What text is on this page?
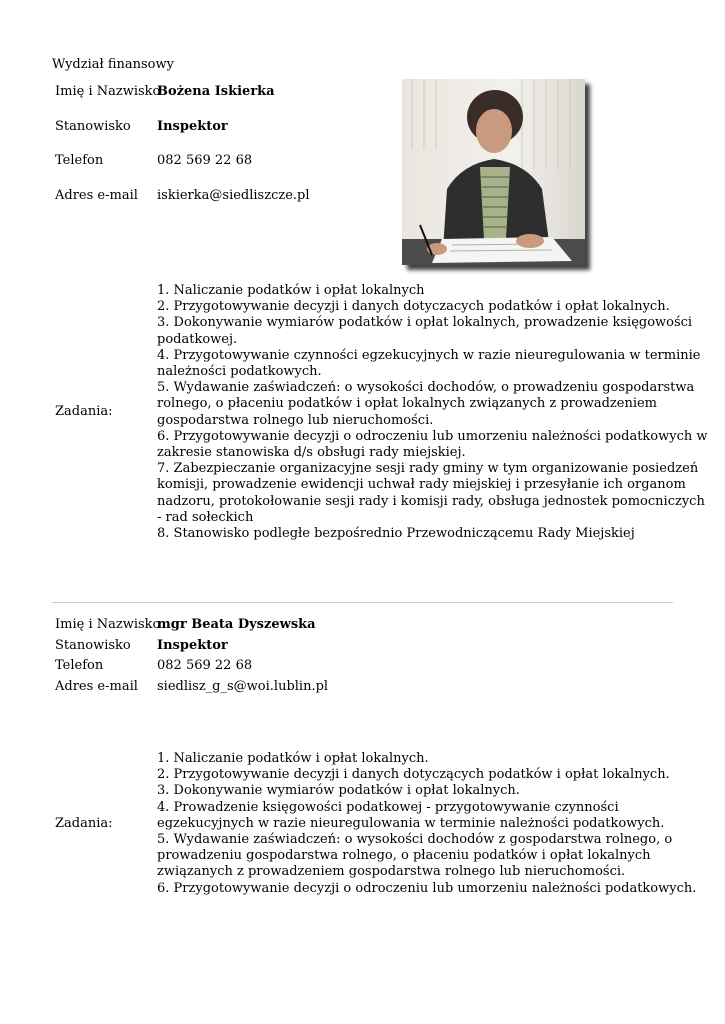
Wydział finansowy
Imię i Nazwisko
Bożena Iskierka
Stanowisko Inspektor
Telefon	082 569 22 68
Adres e-mail iskierka@siedliszcze.pl
Zadania:
1. Naliczanie podatków i opłat lokalnych
2. Przygotowywanie decyzji i danych dotyczacych podatków i opłat lokalnych.
3. Dokonywanie wymiarów podatków i opłat lokalnych, prowadzenie księgowości
podatkowej.
4. Przygotowywanie czynności egzekucyjnych w razie nieuregulowania w terminie
należności podatkowych.
5. Wydawanie zaświadczeń: o wysokości dochodów, o prowadzeniu gospodarstwa
rolnego, o płaceniu podatków i opłat lokalnych związanych z prowadzeniem
gospodarstwa rolnego lub nieruchomości.
6. Przygotowywanie decyzji o odroczeniu lub umorzeniu należności podatkowych w
zakresie stanowiska d/s obsługi rady miejskiej.
7. Zabezpieczanie organizacyjne sesji rady gminy w tym organizowanie posiedzeń
komisji, prowadzenie ewidencji uchwał rady miejskiej i przesyłanie ich organom
nadzoru, protokołowanie sesji rady i komisji rady, obsługa jednostek pomocniczych
- rad sołeckich
8. Stanowisko podległe bezpośrednio Przewodniczącemu Rady Miejskiej
Imię i Nazwisko
mgr Beata Dyszewska
Stanowisko Inspektor
Telefon	082 569 22 68
Adres e-mail siedlisz_g_s@woi.lublin.pl
Zadania:
1. Naliczanie podatków i opłat lokalnych.
2. Przygotowywanie decyzji i danych dotyczących podatków i opłat lokalnych.
3. Dokonywanie wymiarów podatków i opłat lokalnych.
4. Prowadzenie księgowości podatkowej - przygotowywanie czynności
egzekucyjnych w razie nieuregulowania w terminie należności podatkowych.
5. Wydawanie zaświadczeń: o wysokości dochodów z gospodarstwa rolnego, o
prowadzeniu gospodarstwa rolnego, o płaceniu podatków i opłat lokalnych
związanych z prowadzeniem gospodarstwa rolnego lub nieruchomości.
6. Przygotowywanie decyzji o odroczeniu lub umorzeniu należności podatkowych.
